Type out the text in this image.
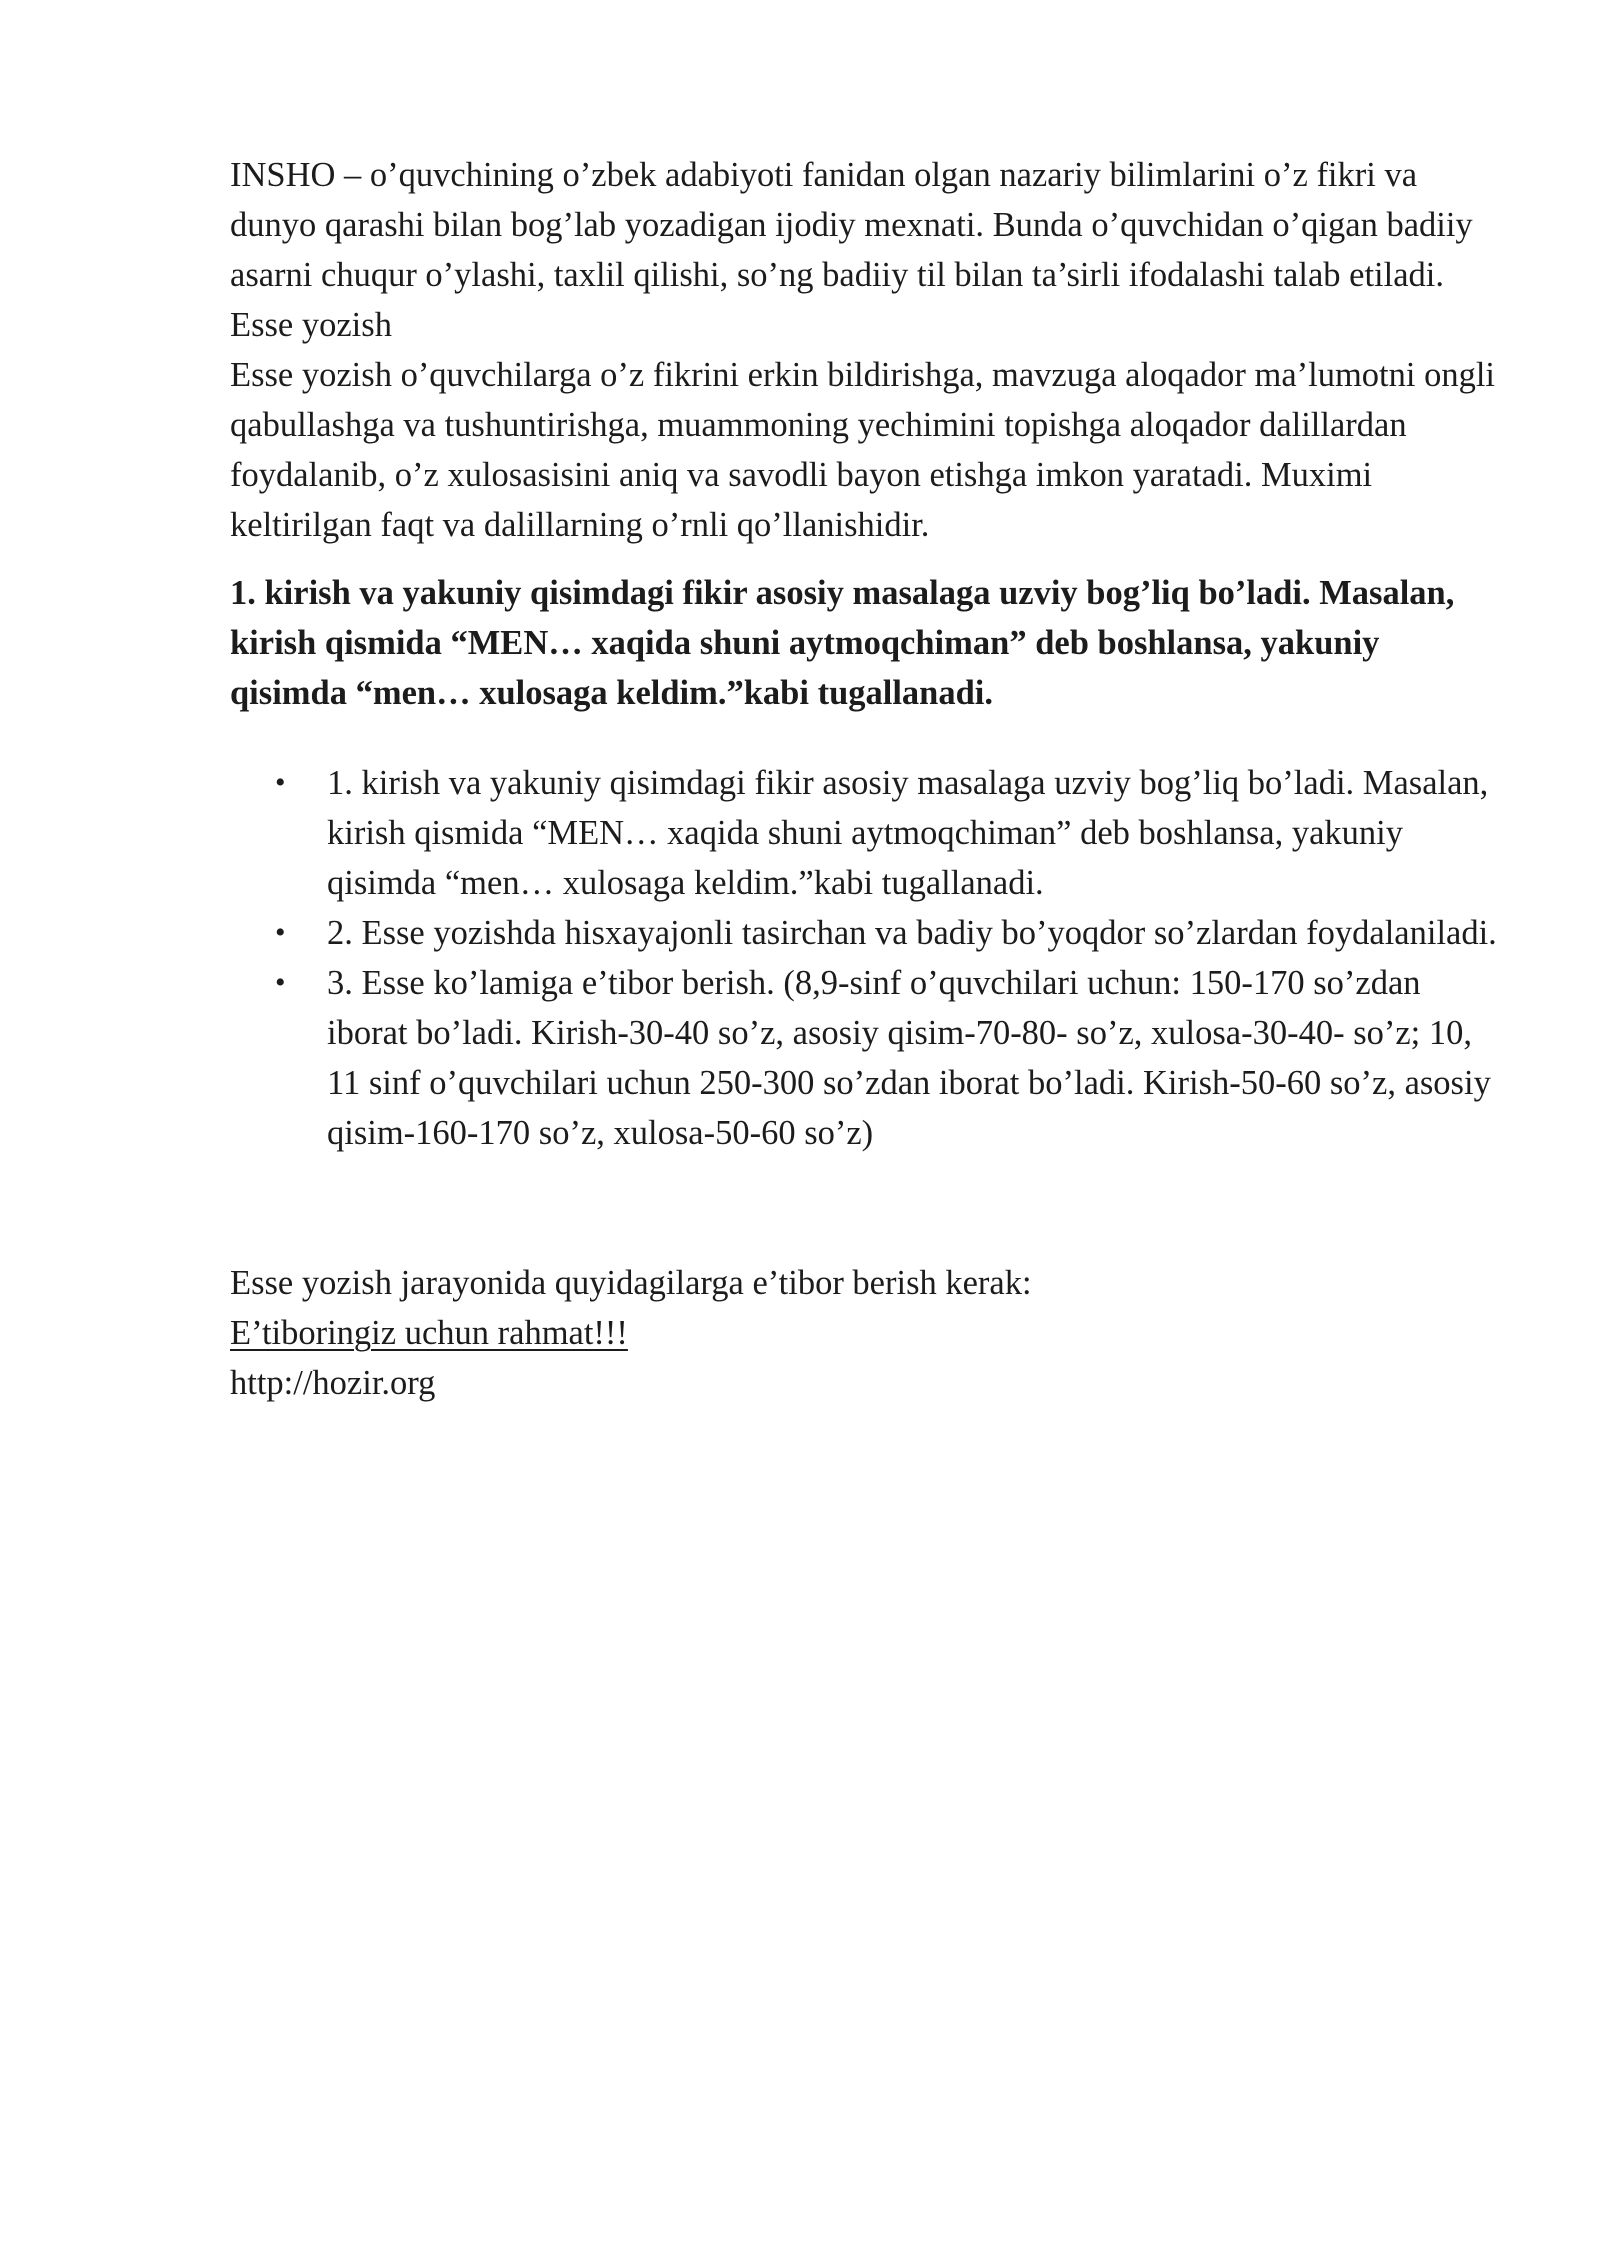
INSHO – o’quvchining o’zbek adabiyoti fanidan olgan nazariy bilimlarini o’z fikri va dunyo qarashi bilan bog’lab yozadigan ijodiy mexnati. Bunda o’quvchidan o’qigan badiiy asarni chuqur o’ylashi, taxlil qilishi, so’ng badiiy til bilan ta’sirli ifodalashi talab etiladi.

Esse yozish

Esse yozish o’quvchilarga o’z fikrini erkin bildirishga, mavzuga aloqador ma’lumotni ongli qabullashga va tushuntirishga, muammoning yechimini topishga aloqador dalillardan foydalanib, o’z xulosasisini aniq va savodli bayon etishga imkon yaratadi. Muximi keltirilgan faqt va dalillarning o’rnli qo’llanishidir.

1. kirish va yakuniy qisimdagi fikir asosiy masalaga uzviy bog’liq bo’ladi. Masalan, kirish qismida “MEN… xaqida shuni aytmoqchiman” deb boshlansa, yakuniy qisimda “men… xulosaga keldim.”kabi tugallanadi.

• 1. kirish va yakuniy qisimdagi fikir asosiy masalaga uzviy bog’liq bo’ladi. Masalan, kirish qismida “MEN… xaqida shuni aytmoqchiman” deb boshlansa, yakuniy qisimda “men… xulosaga keldim.”kabi tugallanadi.
• 2. Esse yozishda hisxayajonli tasirchan va badiy bo’yoqdor so’zlardan foydalaniladi.
• 3. Esse ko’lamiga e’tibor berish. (8,9-sinf o’quvchilari uchun: 150-170 so’zdan iborat bo’ladi. Kirish-30-40 so’z, asosiy qisim-70-80- so’z, xulosa-30-40- so’z; 10, 11 sinf o’quvchilari uchun 250-300 so’zdan iborat bo’ladi. Kirish-50-60 so’z, asosiy qisim-160-170 so’z, xulosa-50-60 so’z)

Esse yozish jarayonida quyidagilarga e’tibor berish kerak:

E’tiboringiz uchun rahmat!!!

http://hozir.org
